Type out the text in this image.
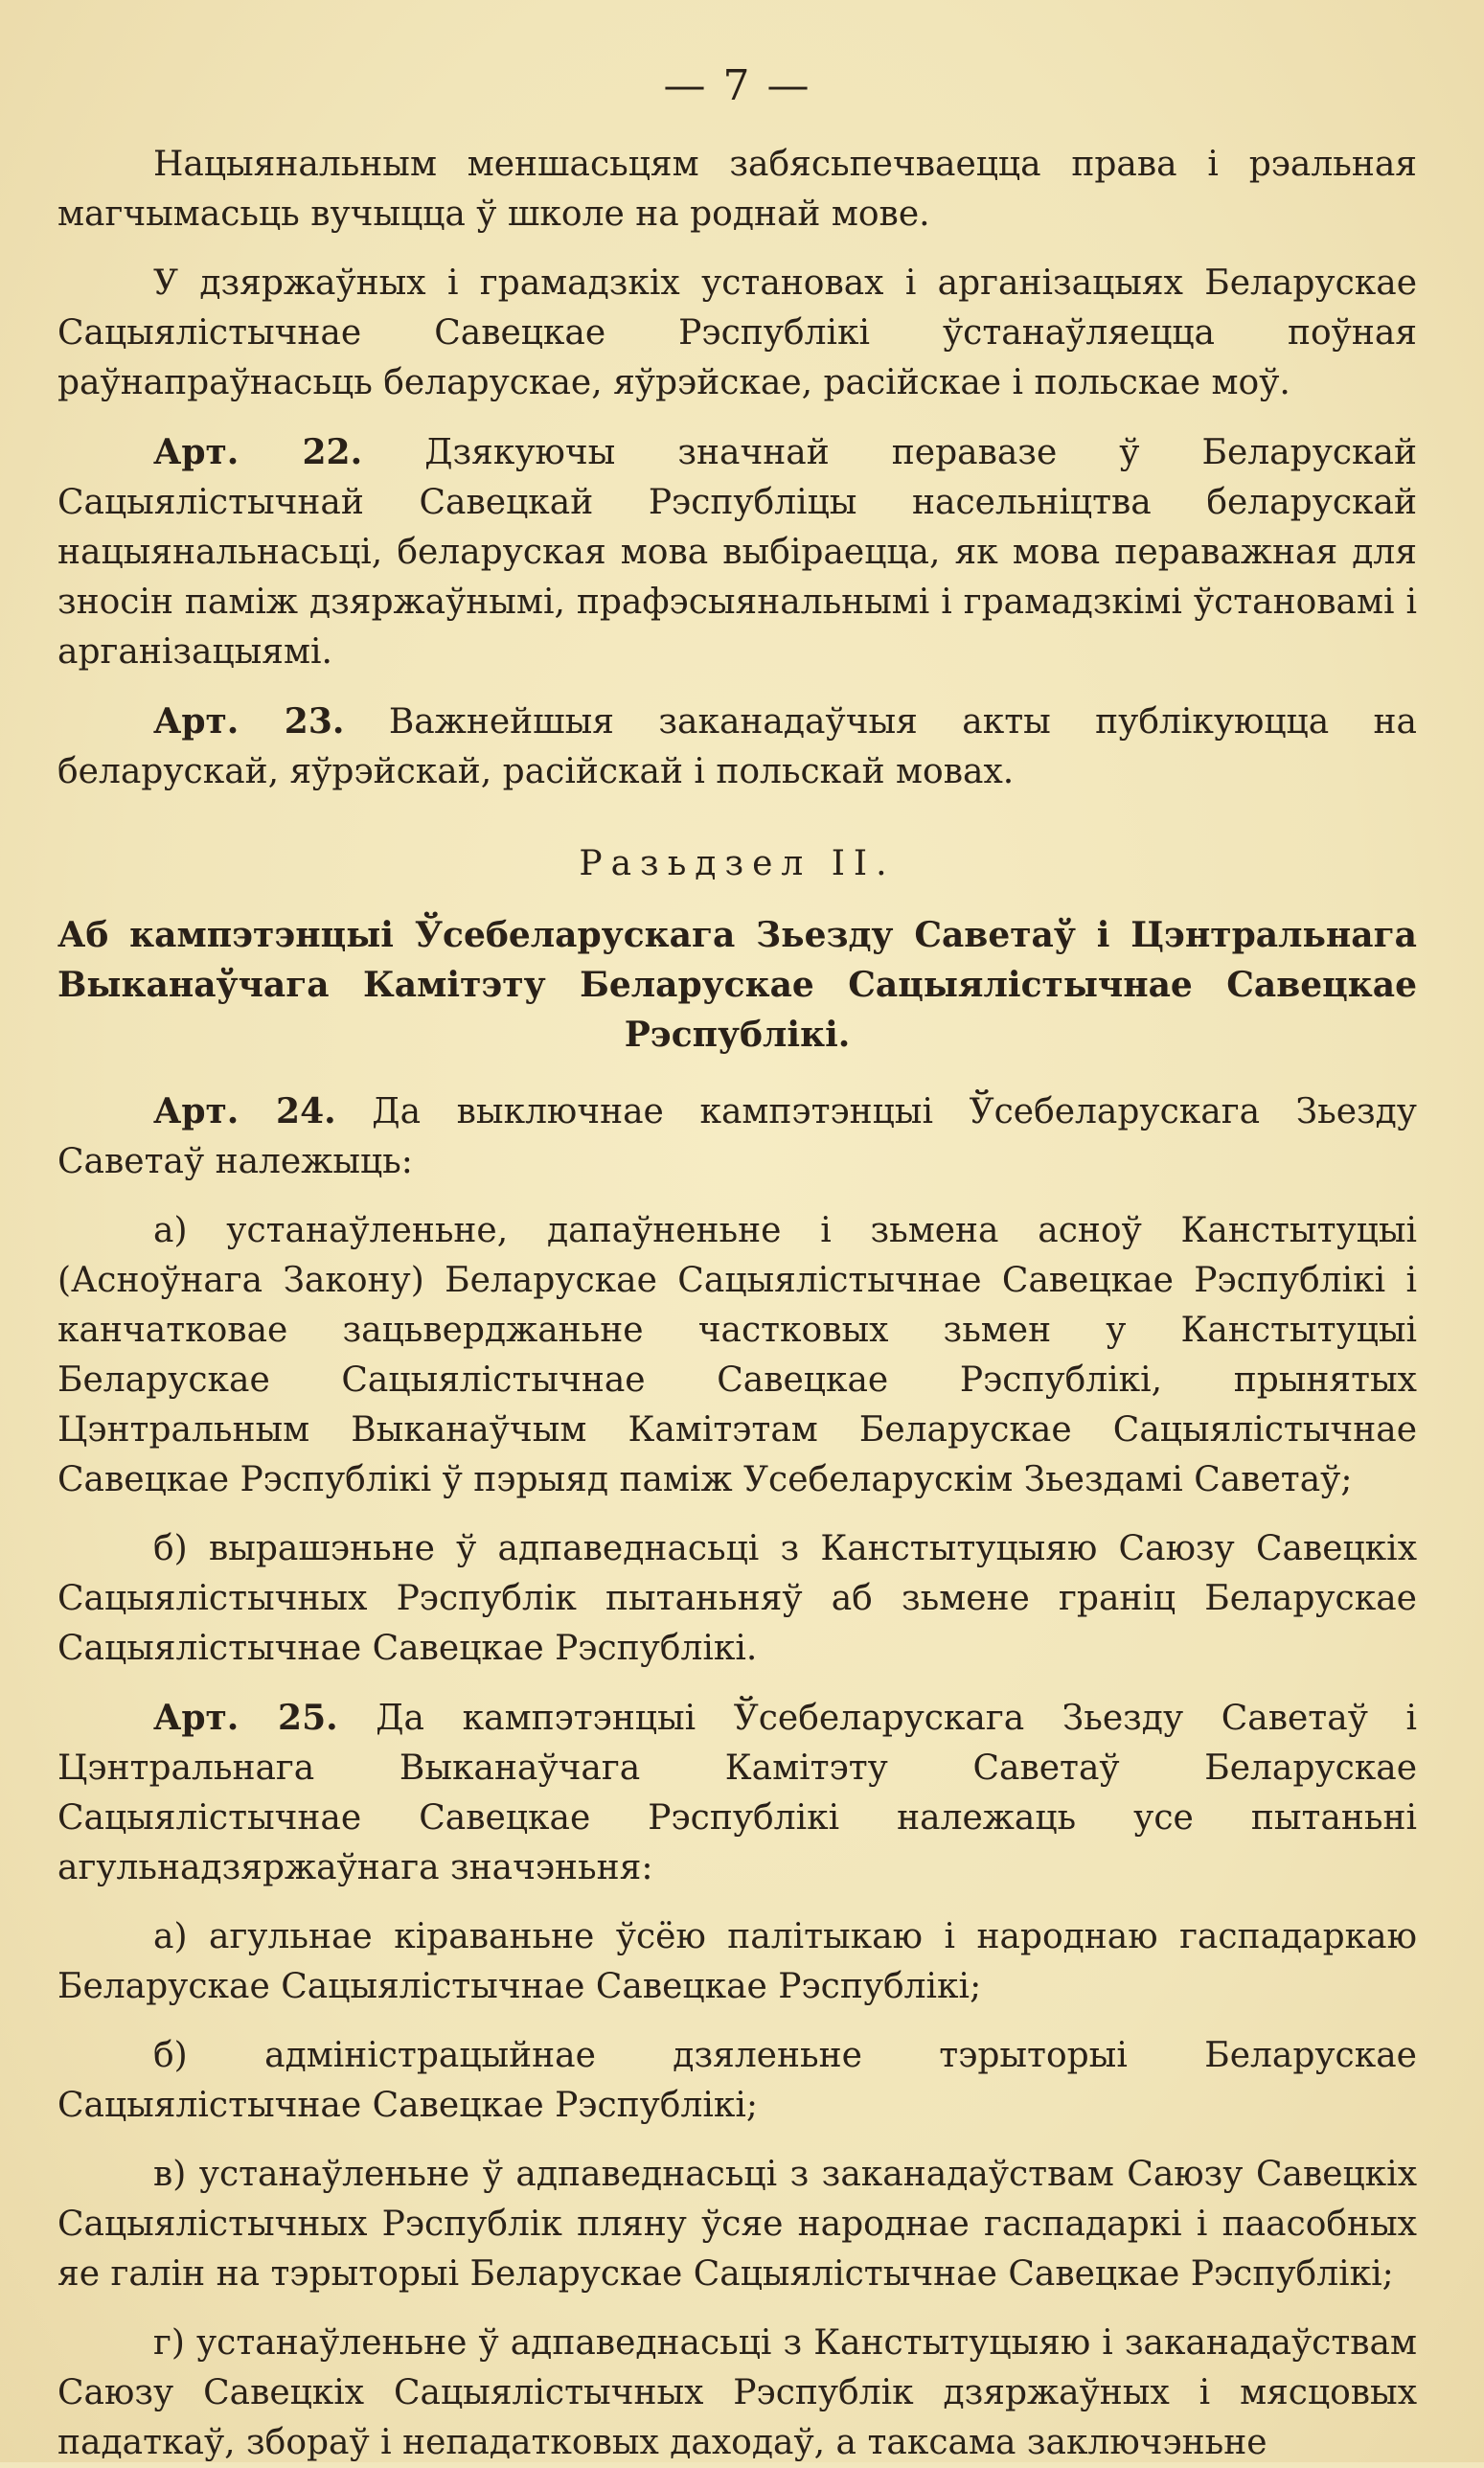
— 7 —

Нацыянальным меншасьцям забясьпечваецца права і рэальная магчымасьць вучыцца ў школе на роднай мове.

У дзяржаўных і грамадзкіх установах і арганізацыях Беларускае Сацыялістычнае Савецкае Рэспублікі ўстанаўляецца поўная раўнапраўнасьць беларускае, яўрэйскае, расійскае і польскае моў.

Арт. 22. Дзякуючы значнай перавазе ў Беларускай Сацыялістычнай Савецкай Рэспубліцы насельніцтва беларускай нацыянальнасьці, беларуская мова выбіраецца, як мова пераважная для зносін паміж дзяржаўнымі, прафэсыянальнымі і грамадзкімі ўстановамі і арганізацыямі.

Арт. 23. Важнейшыя заканадаўчыя акты публікуюцца на беларускай, яўрэйскай, расійскай і польскай мовах.

Разьдзел II.
Аб кампэтэнцыі Ўсебеларускага Зьезду Саветаў і Цэнтральнага Выканаўчага Камітэту Беларускае Сацыялістычнае Савецкае Рэспублікі.

Арт. 24. Да выключнае кампэтэнцыі Ўсебеларускага Зьезду Саветаў належыць:

а) устанаўленьне, дапаўненьне і зьмена асноў Канстытуцыі (Асноўнага Закону) Беларускае Сацыялістычнае Савецкае Рэспублікі і канчатковае зацьверджаньне частковых зьмен у Канстытуцыі Беларускае Сацыялістычнае Савецкае Рэспублікі, прынятых Цэнтральным Выканаўчым Камітэтам Беларускае Сацыялістычнае Савецкае Рэспублікі ў пэрыяд паміж Усебеларускім Зьездамі Саветаў;

б) вырашэньне ў адпаведнасьці з Канстытуцыяю Саюзу Савецкіх Сацыялістычных Рэспублік пытаньняў аб зьмене граніц Беларускае Сацыялістычнае Савецкае Рэспублікі.

Арт. 25. Да кампэтэнцыі Ўсебеларускага Зьезду Саветаў і Цэнтральнага Выканаўчага Камітэту Саветаў Беларускае Сацыялістычнае Савецкае Рэспублікі належаць усе пытаньні агульнадзяржаўнага значэньня:

а) агульнае кіраваньне ўсёю палітыкаю і народнаю гаспадаркаю Беларускае Сацыялістычнае Савецкае Рэспублікі;

б) адміністрацыйнае дзяленьне тэрыторыі Беларускае Сацыялістычнае Савецкае Рэспублікі;

в) устанаўленьне ў адпаведнасьці з заканадаўствам Саюзу Савецкіх Сацыялістычных Рэспублік пляну ўсяе народнае гаспадаркі і паасобных яе галін на тэрыторыі Беларускае Сацыялістычнае Савецкае Рэспублікі;

г) устанаўленьне ў адпаведнасьці з Канстытуцыяю і заканадаўствам Саюзу Савецкіх Сацыялістычных Рэспублік дзяржаўных і мясцовых падаткаў, збораў і непадатковых даходаў, а таксама заключэньне
